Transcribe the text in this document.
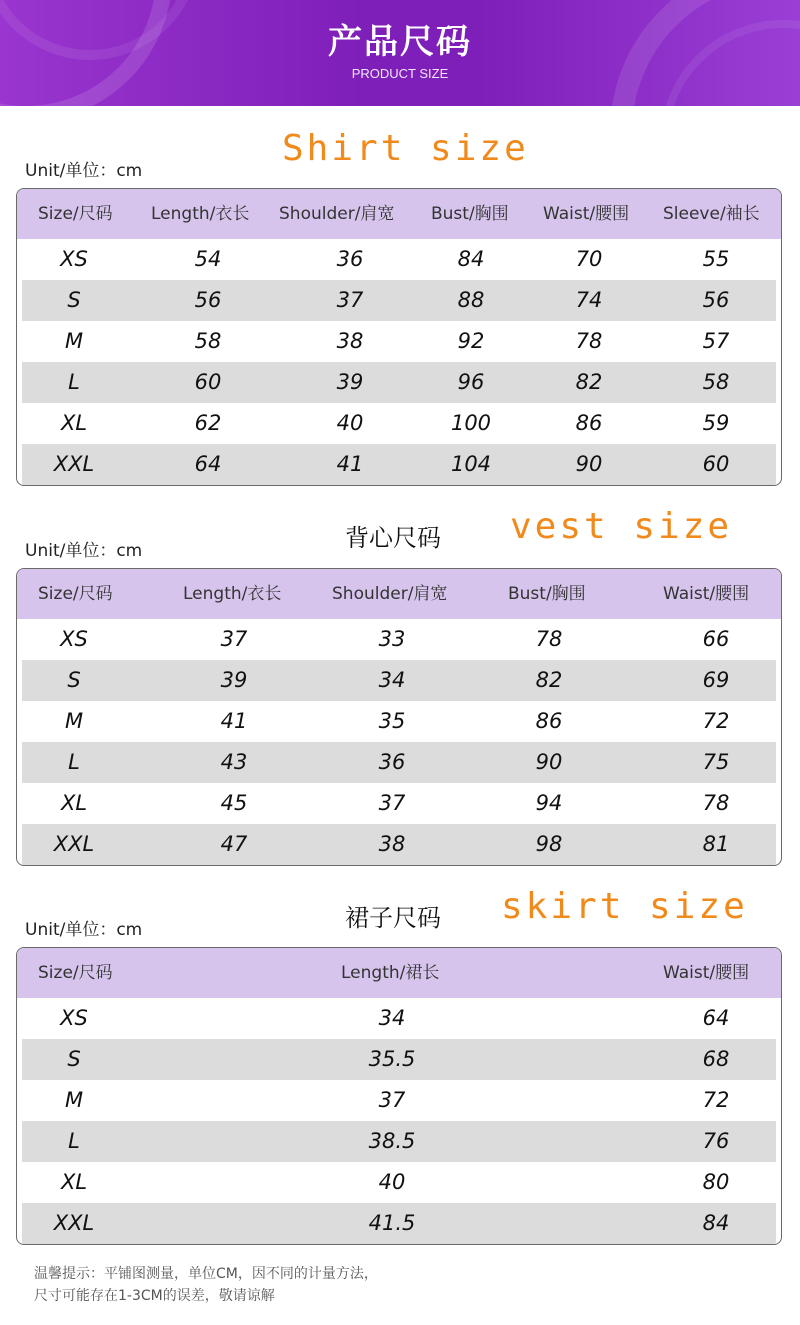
产品尺码
PRODUCT SIZE
Shirt size
Unit/单位：cm
Size/尺码 Length/衣长 Shoulder/肩宽 Bust/胸围 Waist/腰围 Sleeve/袖长
XS	54	36	84	70	55
S	56	37	88	74	56
M	58	38	92	78	57
L	60	39	96	82	58
XL	62	40	100	86	59
XXL	64	41	104	90	60
背心尺码 vest size
Unit/单位：cm
Size/尺码	Length/衣长	Shoulder/肩宽	Bust/胸围	Waist/腰围
XS	37	33	78	66
S	39	34	82	69
M	41	35	86	72
L	43	36	90	75
XL	45	37	94	78
XXL	47	38	98	81
裙子尺码 skirt size
Unit/单位：cm
Size/尺码	Length/裙长	Waist/腰围
XS	34	64
S	35.5	68
M	37	72
L	38.5	76
XL	40	80
XXL	41.5	84
温馨提示：平铺图测量，单位CM，因不同的计量方法，
尺寸可能存在1-3CM的误差，敬请谅解
